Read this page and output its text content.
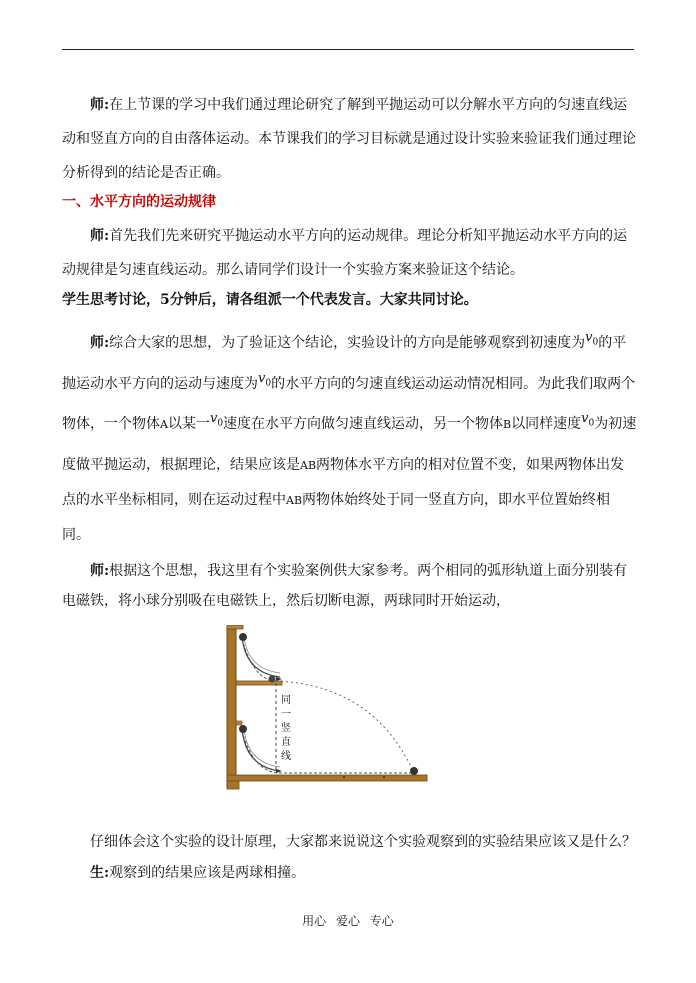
师:在上节课的学习中我们通过理论研究了解到平抛运动可以分解水平方向的匀速直线运动和竖直方向的自由落体运动。本节课我们的学习目标就是通过设计实验来验证我们通过理论分析得到的结论是否正确。

一、水平方向的运动规律

师:首先我们先来研究平抛运动水平方向的运动规律。理论分析知平抛运动水平方向的运动规律是匀速直线运动。那么请同学们设计一个实验方案来验证这个结论。

学生思考讨论，5分钟后，请各组派一个代表发言。大家共同讨论。

师:综合大家的思想，为了验证这个结论，实验设计的方向是能够观察到初速度为$v_0$的平抛运动水平方向的运动与速度为$v_0$的水平方向的匀速直线运动运动情况相同。为此我们取两个物体，一个物体A以某一$v_0$速度在水平方向做匀速直线运动，另一个物体B以同样速度$v_0$为初速度做平抛运动，根据理论，结果应该是AB两物体水平方向的相对位置不变，如果两物体出发点的水平坐标相同，则在运动过程中AB两物体始终处于同一竖直方向，即水平位置始终相同。

师:根据这个思想，我这里有个实验案例供大家参考。两个相同的弧形轨道上面分别装有电磁铁，将小球分别吸在电磁铁上，然后切断电源，两球同时开始运动，

同
一
竖
直
线

仔细体会这个实验的设计原理，大家都来说说这个实验观察到的实验结果应该又是什么？

生:观察到的结果应该是两球相撞。

用心 爱心 专心
